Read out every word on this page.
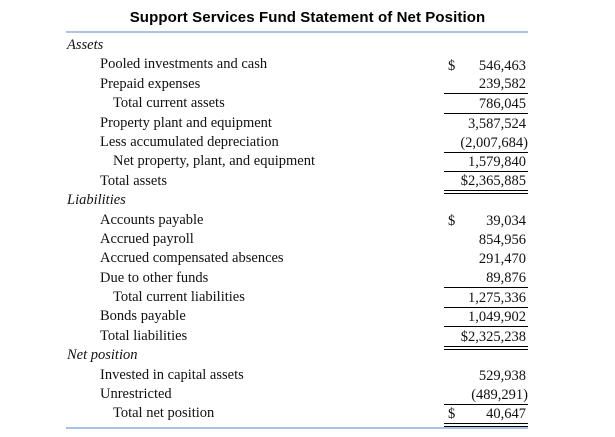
Support Services Fund Statement of Net Position
Assets
Pooled investments and cash	$ 546,463
Prepaid expenses	239,582
Total current assets	786,045
Property plant and equipment	3,587,524
Less accumulated depreciation	(2,007,684)
Net property, plant, and equipment	1,579,840
Total assets	$2,365,885
Liabilities
Accounts payable	$ 39,034
Accrued payroll	854,956
Accrued compensated absences	291,470
Due to other funds	89,876
Total current liabilities	1,275,336
Bonds payable	1,049,902
Total liabilities	$2,325,238
Net position
Invested in capital assets	529,938
Unrestricted	(489,291)
Total net position	$ 40,647
